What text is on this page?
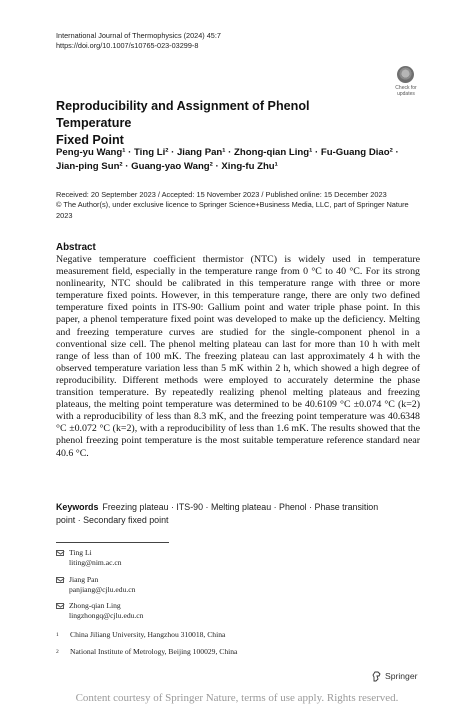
International Journal of Thermophysics (2024) 45:7
https://doi.org/10.1007/s10765-023-03299-8
Check for
updates
Reproducibility and Assignment of Phenol Temperature
Fixed Point
Peng-yu Wang¹ · Ting Li² · Jiang Pan¹ · Zhong-qian Ling¹ · Fu-Guang Diao² ·
Jian-ping Sun² · Guang-yao Wang² · Xing-fu Zhu¹
Received: 20 September 2023 / Accepted: 15 November 2023 / Published online: 15 December 2023
© The Author(s), under exclusive licence to Springer Science+Business Media, LLC, part of Springer Nature
2023
Abstract

Negative temperature coefficient thermistor (NTC) is widely used in temperature measurement field, especially in the temperature range from 0 °C to 40 °C. For its strong nonlinearity, NTC should be calibrated in this temperature range with three or more temperature fixed points. However, in this temperature range, there are only two defined temperature fixed points in ITS-90: Gallium point and water triple phase point. In this paper, a phenol temperature fixed point was developed to make up the deficiency. Melting and freezing temperature curves are studied for the single-component phenol in a conventional size cell. The phenol melting plateau can last for more than 10 h with melt range of less than of 100 mK. The freezing plateau can last approximately 4 h with the observed temperature variation less than 5 mK within 2 h, which showed a high degree of reproducibility. Different methods were employed to accurately determine the phase transition temperature. By repeatedly realizing phenol melting plateaus and freezing plateaus, the melting point temperature was determined to be 40.6109 °C ±0.074 °C (k=2) with a reproducibility of less than 8.3 mK, and the freezing point temperature was 40.6348 °C ±0.072 °C (k=2), with a reproducibility of less than 1.6 mK. The results showed that the phenol freezing point temperature is the most suitable temperature reference standard near 40.6 °C.

Keywords Freezing plateau · ITS-90 · Melting plateau · Phenol · Phase transition
point · Secondary fixed point
Ting Li
liting@nim.ac.cn
Jiang Pan
panjiang@cjlu.edu.cn
Zhong-qian Ling
lingzhongq@cjlu.edu.cn
$^1$ China Jiliang University, Hangzhou 310018, China
$^2$ National Institute of Metrology, Beijing 100029, China
Springer
Content courtesy of Springer Nature, terms of use apply. Rights reserved.
